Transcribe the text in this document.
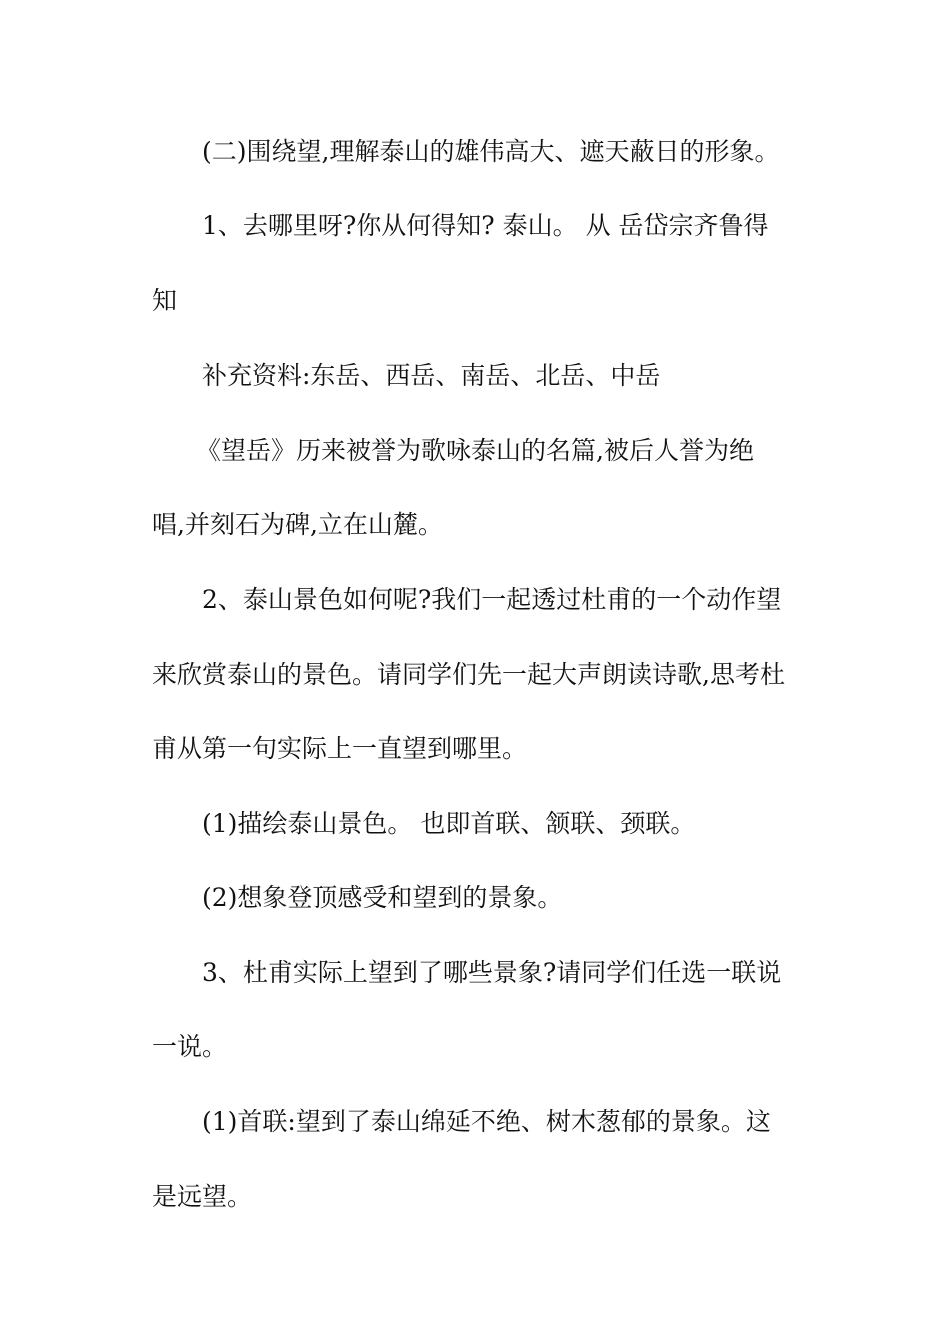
(二)围绕望,理解泰山的雄伟高大、遮天蔽日的形象。
1、去哪里呀?你从何得知? 泰山。 从 岳岱宗齐鲁得
知
补充资料:东岳、西岳、南岳、北岳、中岳
《望岳》历来被誉为歌咏泰山的名篇,被后人誉为绝
唱,并刻石为碑,立在山麓。
2、泰山景色如何呢?我们一起透过杜甫的一个动作望
来欣赏泰山的景色。请同学们先一起大声朗读诗歌,思考杜
甫从第一句实际上一直望到哪里。
(1)描绘泰山景色。 也即首联、颔联、颈联。
(2)想象登顶感受和望到的景象。
3、杜甫实际上望到了哪些景象?请同学们任选一联说
一说。
(1)首联:望到了泰山绵延不绝、树木葱郁的景象。这
是远望。
